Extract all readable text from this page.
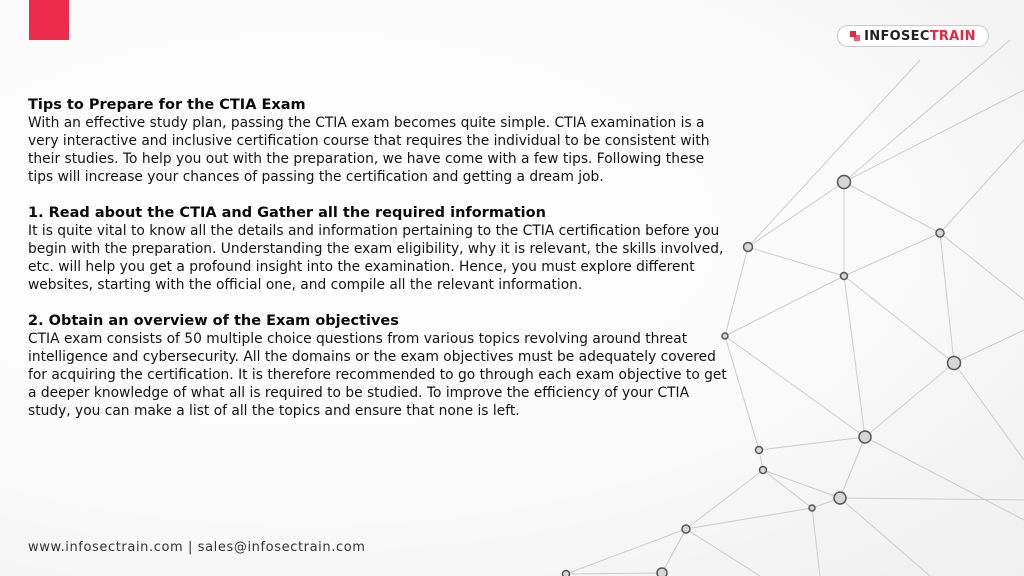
INFOSECTRAIN

Tips to Prepare for the CTIA Exam

With an effective study plan, passing the CTIA exam becomes quite simple. CTIA examination is a very interactive and inclusive certification course that requires the individual to be consistent with their studies. To help you out with the preparation, we have come with a few tips. Following these tips will increase your chances of passing the certification and getting a dream job.

1. Read about the CTIA and Gather all the required information

It is quite vital to know all the details and information pertaining to the CTIA certification before you begin with the preparation. Understanding the exam eligibility, why it is relevant, the skills involved, etc. will help you get a profound insight into the examination. Hence, you must explore different websites, starting with the official one, and compile all the relevant information.

2. Obtain an overview of the Exam objectives

CTIA exam consists of 50 multiple choice questions from various topics revolving around threat intelligence and cybersecurity. All the domains or the exam objectives must be adequately covered for acquiring the certification. It is therefore recommended to go through each exam objective to get a deeper knowledge of what all is required to be studied. To improve the efficiency of your CTIA study, you can make a list of all the topics and ensure that none is left.

www.infosectrain.com | sales@infosectrain.com
